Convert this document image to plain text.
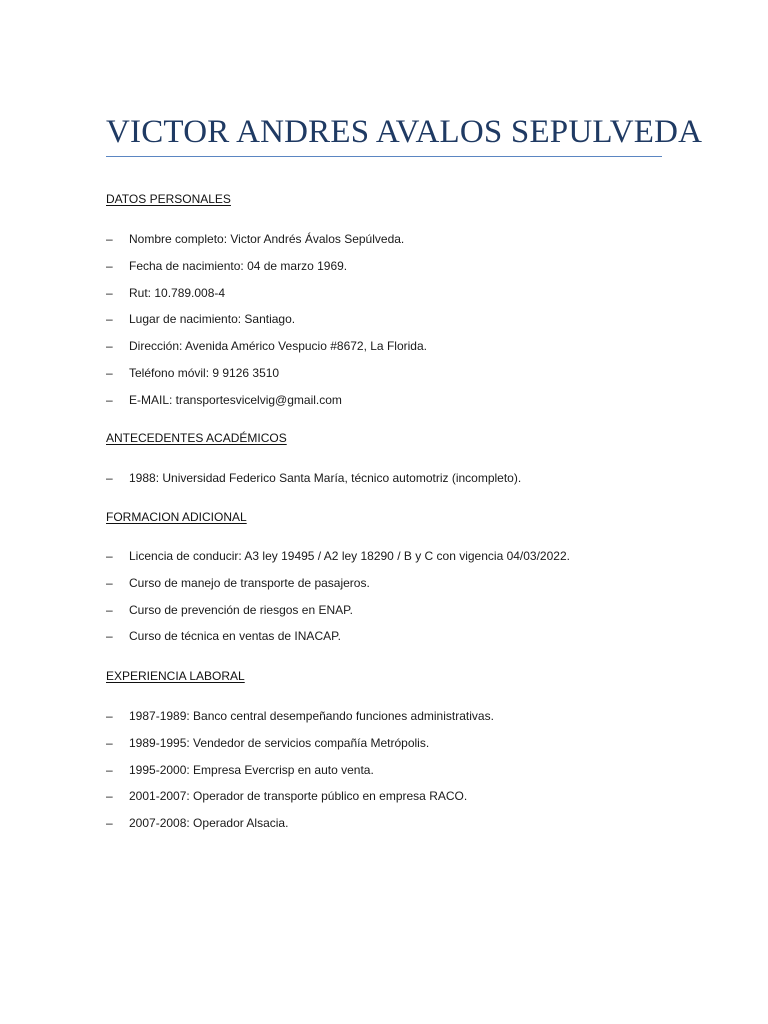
VICTOR ANDRES AVALOS SEPULVEDA
DATOS PERSONALES
–	Nombre completo: Victor Andrés Ávalos Sepúlveda.
–	Fecha de nacimiento: 04 de marzo 1969.
–	Rut: 10.789.008-4
–	Lugar de nacimiento: Santiago.
–	Dirección: Avenida Américo Vespucio #8672, La Florida.
–	Teléfono móvil: 9 9126 3510
–	E-MAIL: transportesvicelvig@gmail.com
ANTECEDENTES ACADÉMICOS
–	1988: Universidad Federico Santa María, técnico automotriz (incompleto).
FORMACION ADICIONAL
–	Licencia de conducir: A3 ley 19495 / A2 ley 18290 / B y C con vigencia 04/03/2022.
–	Curso de manejo de transporte de pasajeros.
–	Curso de prevención de riesgos en ENAP.
–	Curso de técnica en ventas de INACAP.
EXPERIENCIA LABORAL
–	1987-1989: Banco central desempeñando funciones administrativas.
–	1989-1995: Vendedor de servicios compañía Metrópolis.
–	1995-2000: Empresa Evercrisp en auto venta.
–	2001-2007: Operador de transporte público en empresa RACO.
–	2007-2008: Operador Alsacia.
